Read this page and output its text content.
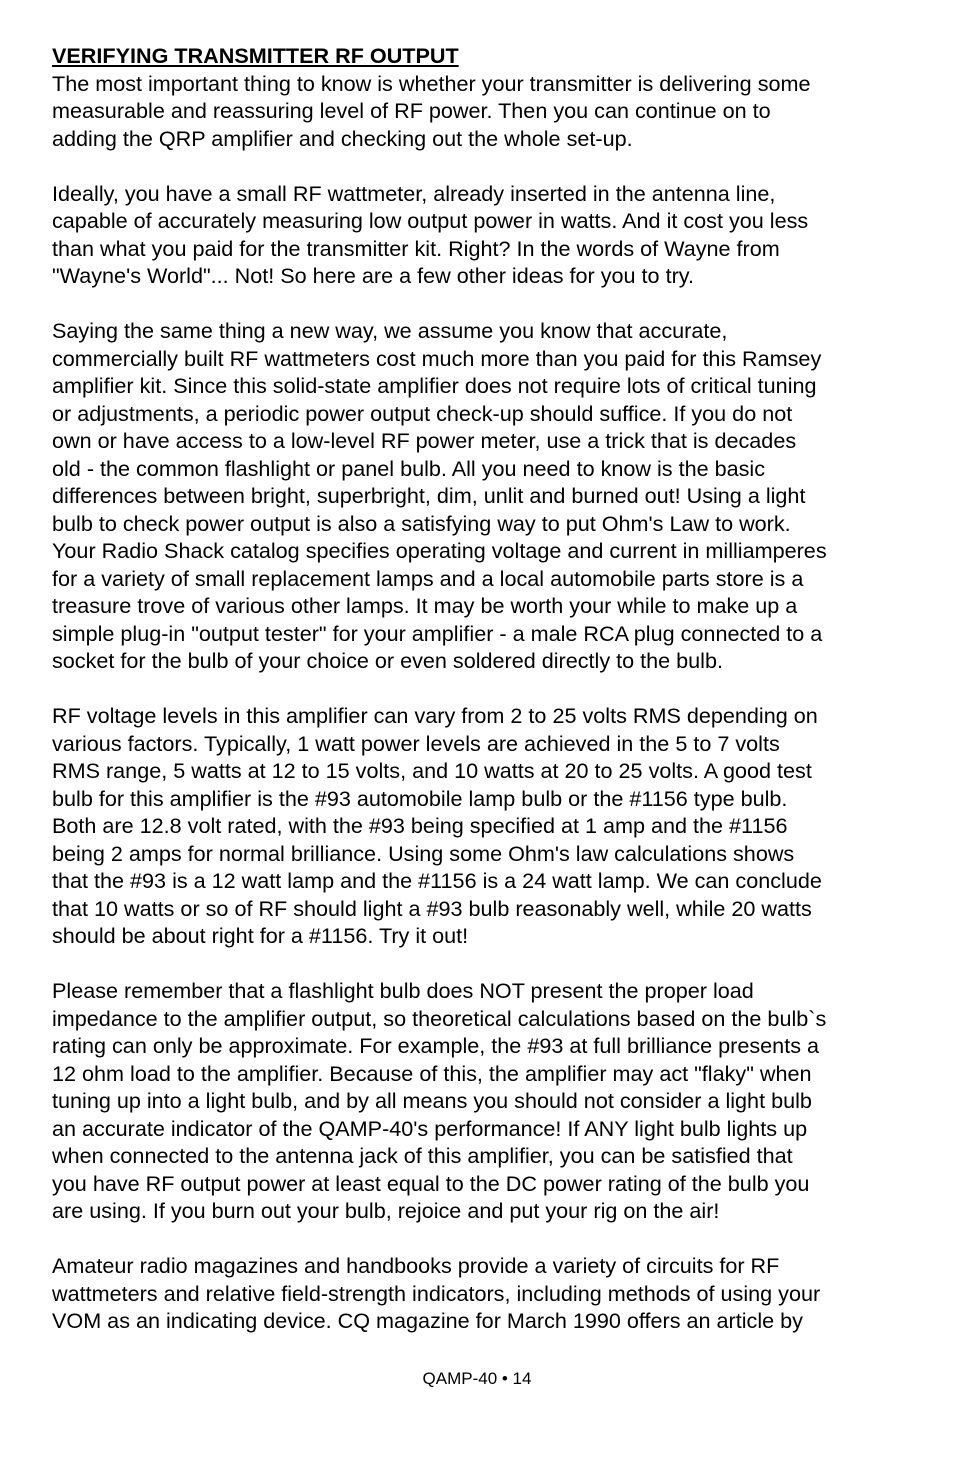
VERIFYING TRANSMITTER RF OUTPUT
The most important thing to know is whether your transmitter is delivering some
measurable and reassuring level of RF power. Then you can continue on to
adding the QRP amplifier and checking out the whole set-up.
Ideally, you have a small RF wattmeter, already inserted in the antenna line,
capable of accurately measuring low output power in watts. And it cost you less
than what you paid for the transmitter kit. Right? In the words of Wayne from
"Wayne's World"... Not! So here are a few other ideas for you to try.
Saying the same thing a new way, we assume you know that accurate,
commercially built RF wattmeters cost much more than you paid for this Ramsey
amplifier kit. Since this solid-state amplifier does not require lots of critical tuning
or adjustments, a periodic power output check-up should suffice. If you do not
own or have access to a low-level RF power meter, use a trick that is decades
old - the common flashlight or panel bulb. All you need to know is the basic
differences between bright, superbright, dim, unlit and burned out! Using a light
bulb to check power output is also a satisfying way to put Ohm's Law to work.
Your Radio Shack catalog specifies operating voltage and current in milliamperes
for a variety of small replacement lamps and a local automobile parts store is a
treasure trove of various other lamps. It may be worth your while to make up a
simple plug-in "output tester" for your amplifier - a male RCA plug connected to a
socket for the bulb of your choice or even soldered directly to the bulb.
RF voltage levels in this amplifier can vary from 2 to 25 volts RMS depending on
various factors. Typically, 1 watt power levels are achieved in the 5 to 7 volts
RMS range, 5 watts at 12 to 15 volts, and 10 watts at 20 to 25 volts. A good test
bulb for this amplifier is the #93 automobile lamp bulb or the #1156 type bulb.
Both are 12.8 volt rated, with the #93 being specified at 1 amp and the #1156
being 2 amps for normal brilliance. Using some Ohm's law calculations shows
that the #93 is a 12 watt lamp and the #1156 is a 24 watt lamp. We can conclude
that 10 watts or so of RF should light a #93 bulb reasonably well, while 20 watts
should be about right for a #1156. Try it out!
Please remember that a flashlight bulb does NOT present the proper load
impedance to the amplifier output, so theoretical calculations based on the bulb`s
rating can only be approximate. For example, the #93 at full brilliance presents a
12 ohm load to the amplifier. Because of this, the amplifier may act "flaky" when
tuning up into a light bulb, and by all means you should not consider a light bulb
an accurate indicator of the QAMP-40's performance! If ANY light bulb lights up
when connected to the antenna jack of this amplifier, you can be satisfied that
you have RF output power at least equal to the DC power rating of the bulb you
are using. If you burn out your bulb, rejoice and put your rig on the air!
Amateur radio magazines and handbooks provide a variety of circuits for RF
wattmeters and relative field-strength indicators, including methods of using your
VOM as an indicating device. CQ magazine for March 1990 offers an article by
QAMP-40 • 14
